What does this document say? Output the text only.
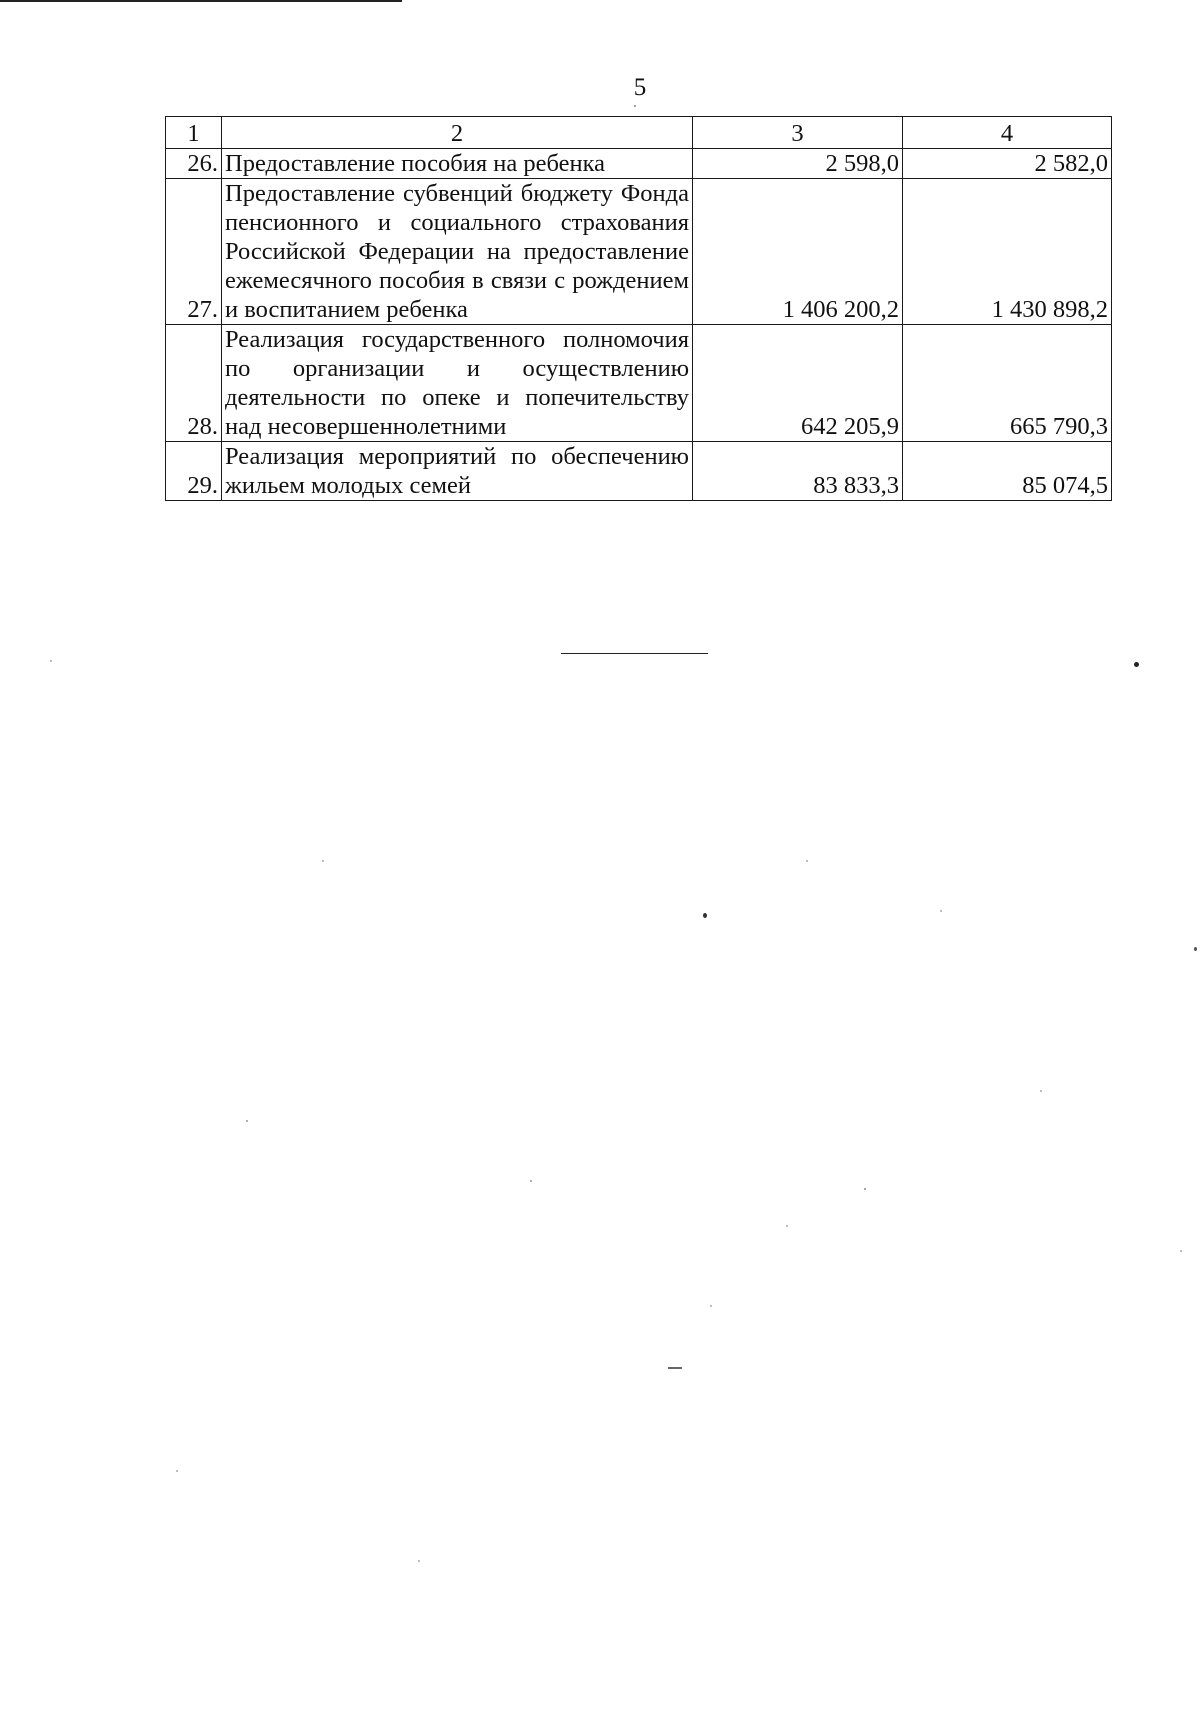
5
1	2	3	4
26.	Предоставление пособия на ребенка	2 598,0	2 582,0
27.	Предоставление субвенций бюджету Фонда пенсионного и социального страхования Российской Федерации на предоставление ежемесячного пособия в связи с рождением и воспитанием ребенка	1 406 200,2	1 430 898,2
28.	Реализация государственного полномочия по организации и осуществлению деятельности по опеке и попечительству над несовершеннолетними	642 205,9	665 790,3
29.	Реализация мероприятий по обеспечению жильем молодых семей	83 833,3	85 074,5
